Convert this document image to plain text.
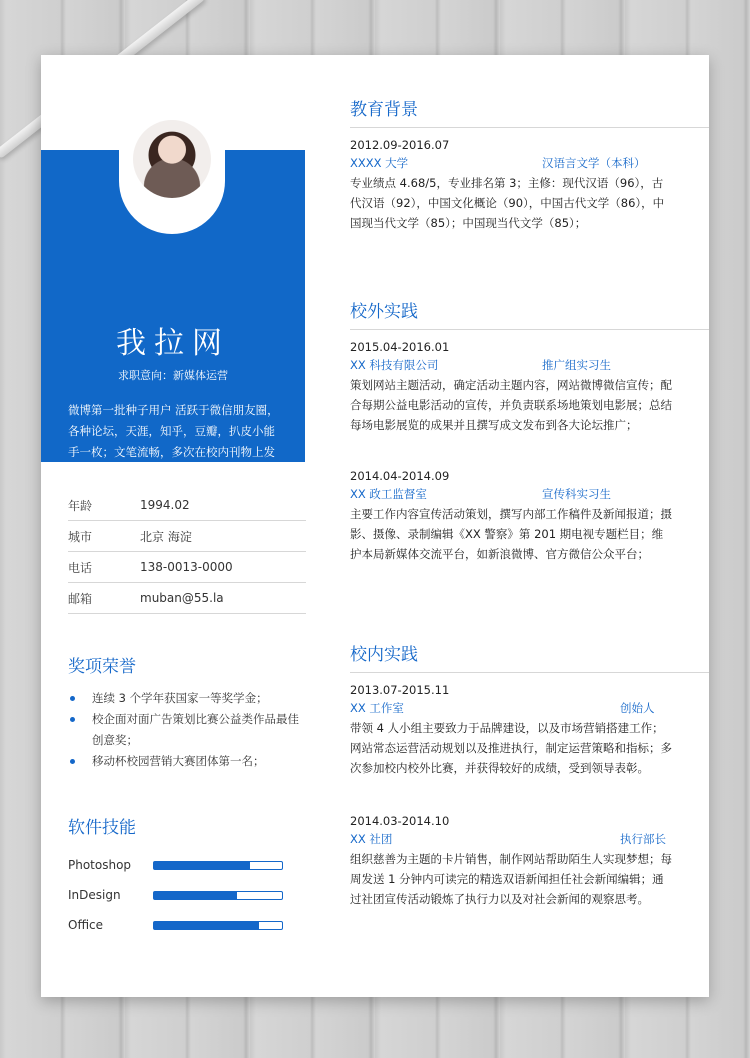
我拉网
求职意向：新媒体运营
微博第一批种子用户 活跃于微信朋友圈，各种论坛，天涯，知乎，豆瓣，扒皮小能手一枚；文笔流畅，多次在校内刊物上发表文章，熟练软文写作；善于沟通、具有良好的团队合作能力和人际交往能力。
年龄	1994.02
城市	北京 海淀
电话	138-0013-0000
邮箱	muban@55.la
奖项荣誉
连续 3 个学年获国家一等奖学金；
校企面对面广告策划比赛公益类作品最佳创意奖；
移动杯校园营销大赛团体第一名；
软件技能
Photoshop
InDesign
Office
教育背景
2012.09-2016.07
XXXX 大学	汉语言文学（本科）
专业绩点 4.68/5，专业排名第 3；主修：现代汉语（96），古代汉语（92），中国文化概论（90），中国古代文学（86），中国现当代文学（85）；中国现当代文学（85）；
校外实践
2015.04-2016.01
XX 科技有限公司	推广组实习生
策划网站主题活动，确定活动主题内容，网站微博微信宣传；配合每期公益电影活动的宣传，并负责联系场地策划电影展；总结每场电影展览的成果并且撰写成文发布到各大论坛推广；
2014.04-2014.09
XX 政工监督室	宣传科实习生
主要工作内容宣传活动策划，撰写内部工作稿件及新闻报道；摄影、摄像、录制编辑《XX 警察》第 201 期电视专题栏目；维护本局新媒体交流平台，如新浪微博、官方微信公众平台；
校内实践
2013.07-2015.11
XX 工作室	创始人
带领 4 人小组主要致力于品牌建设，以及市场营销搭建工作；网站常态运营活动规划以及推进执行，制定运营策略和指标；多次参加校内校外比赛，并获得较好的成绩，受到领导表彰。
2014.03-2014.10
XX 社团	执行部长
组织慈善为主题的卡片销售，制作网站帮助陌生人实现梦想；每周发送 1 分钟内可读完的精选双语新闻担任社会新闻编辑；通过社团宣传活动锻炼了执行力以及对社会新闻的观察思考。
